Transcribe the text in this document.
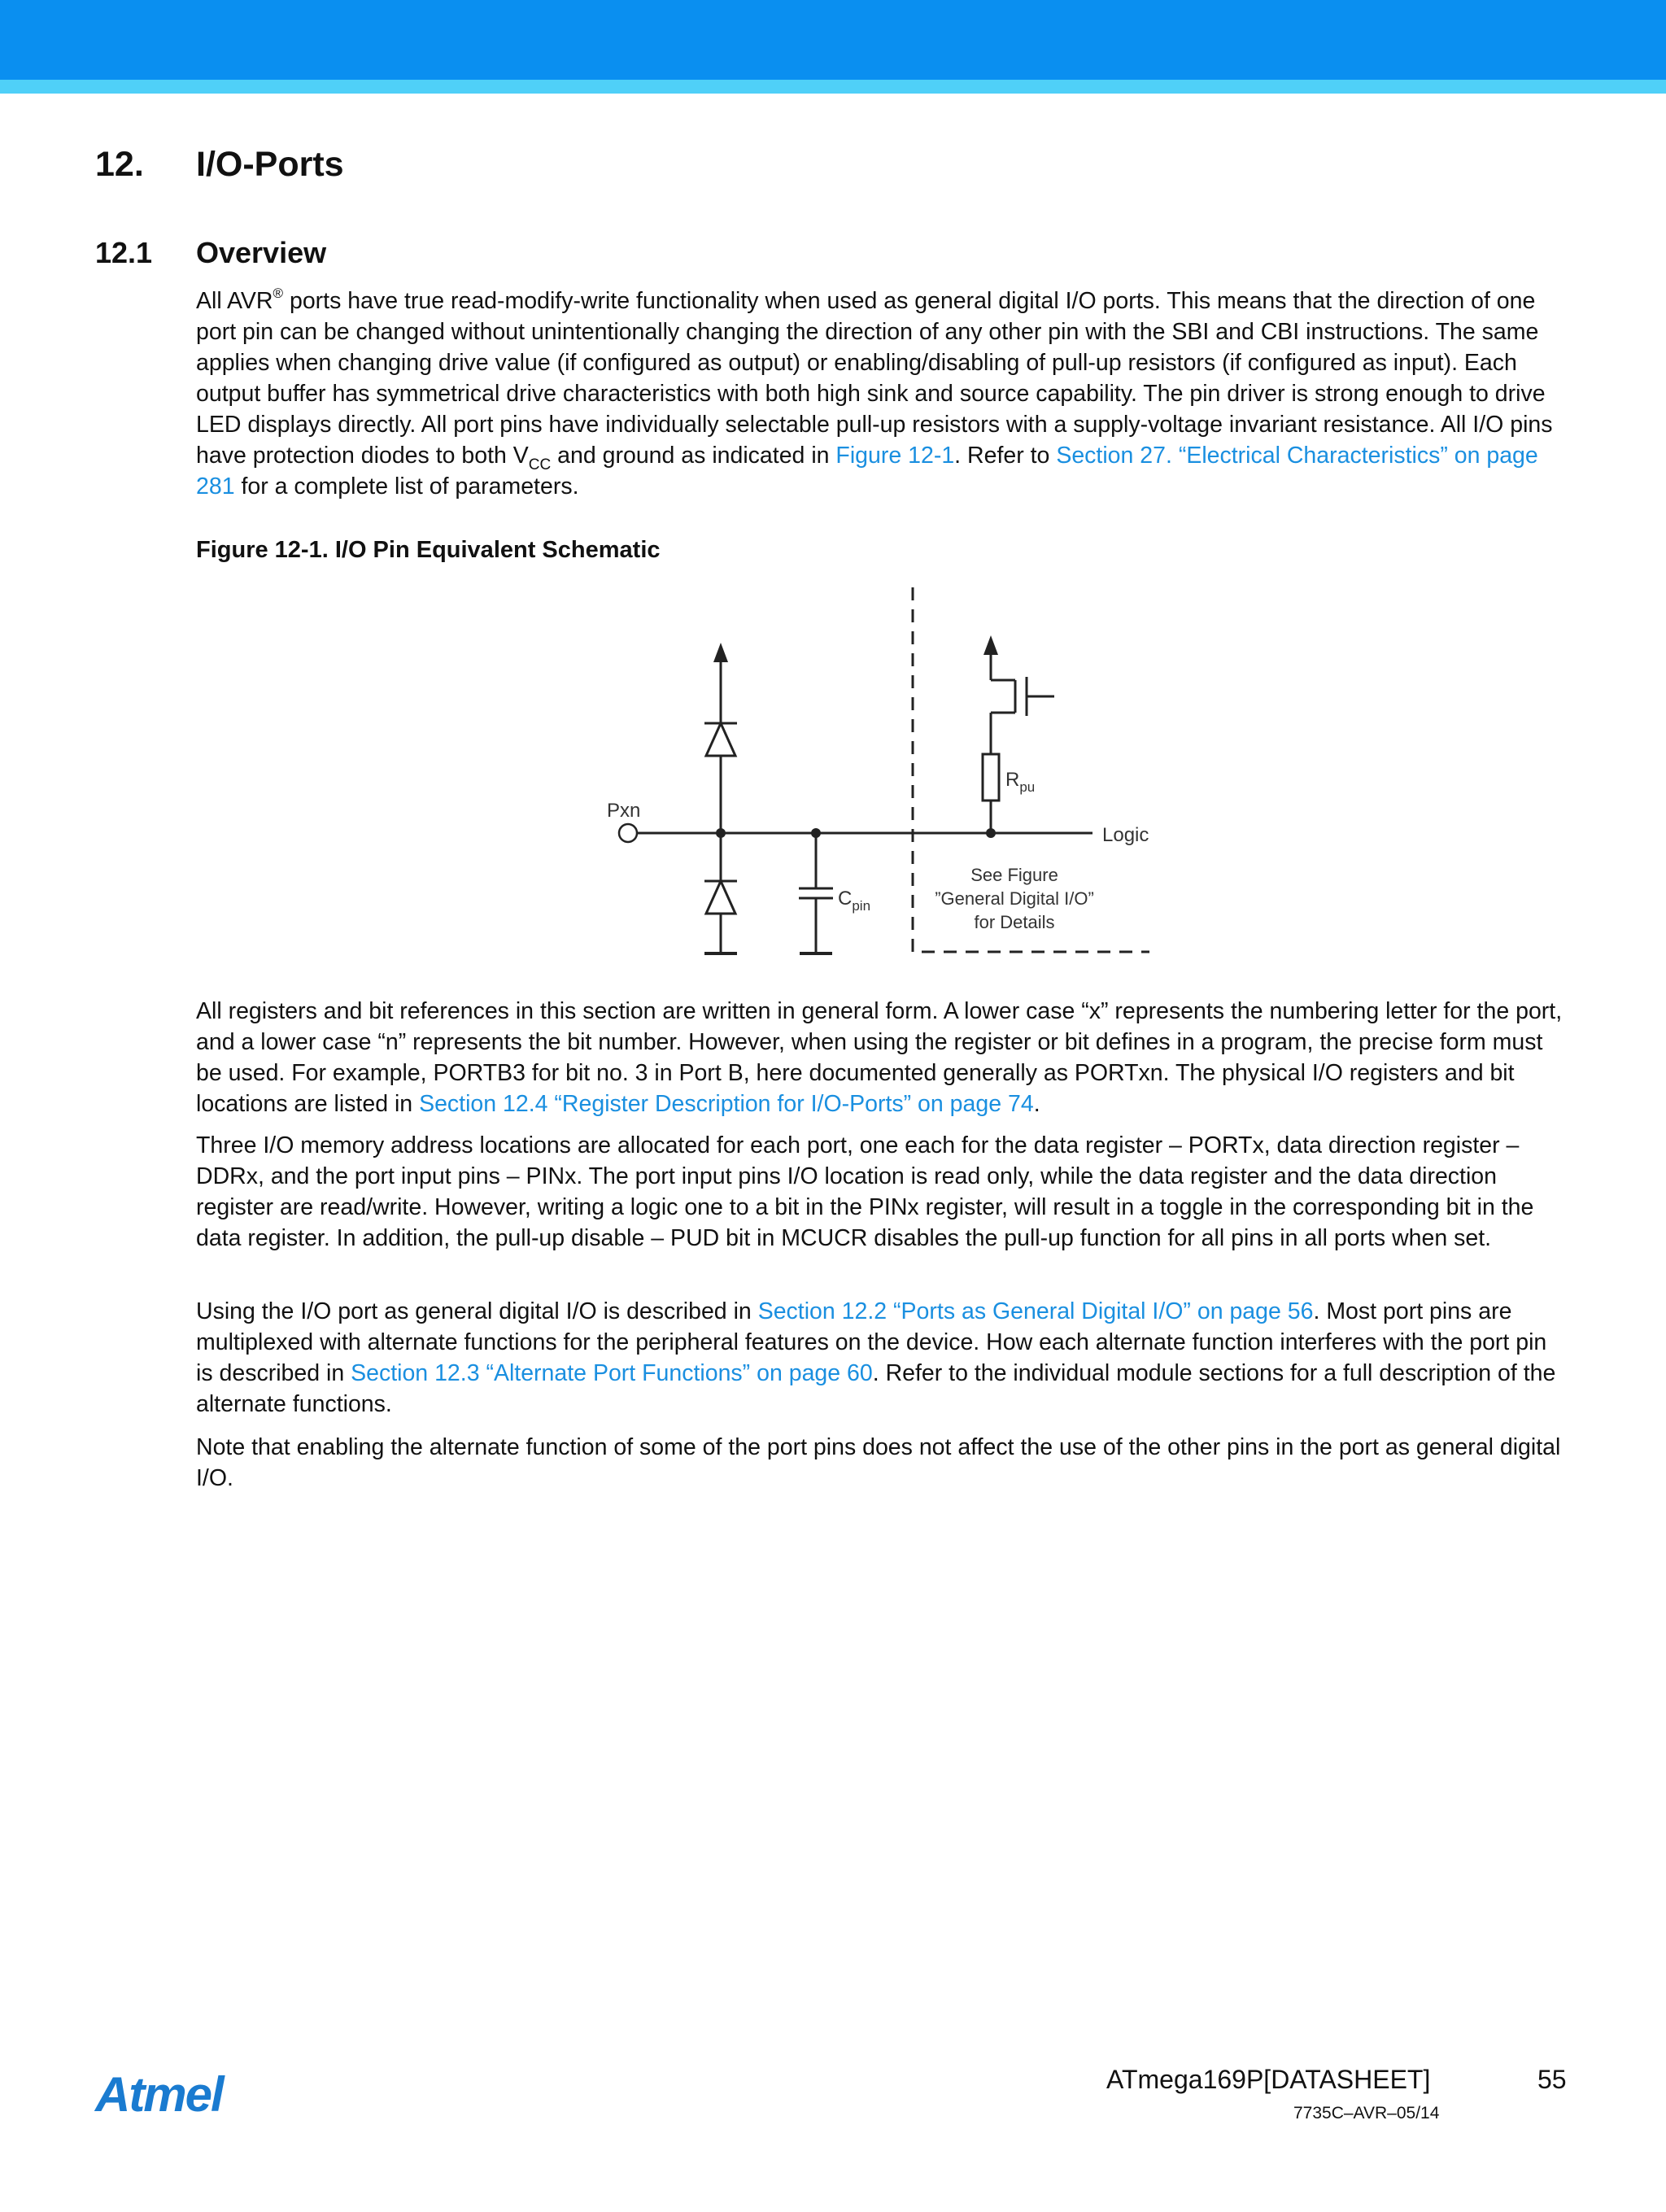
12. I/O-Ports
12.1 Overview

All AVR® ports have true read-modify-write functionality when used as general digital I/O ports. This means that the direction of one port pin can be changed without unintentionally changing the direction of any other pin with the SBI and CBI instructions. The same applies when changing drive value (if configured as output) or enabling/disabling of pull-up resistors (if configured as input). Each output buffer has symmetrical drive characteristics with both high sink and source capability. The pin driver is strong enough to drive LED displays directly. All port pins have individually selectable pull-up resistors with a supply-voltage invariant resistance. All I/O pins have protection diodes to both $V_{CC}$ and ground as indicated in Figure 12-1. Refer to Section 27. “Electrical Characteristics” on page 281 for a complete list of parameters.

Figure 12-1. I/O Pin Equivalent Schematic

Pxn
Logic
$R_{pu}$
$C_{pin}$
See Figure
”General Digital I/O”
for Details

All registers and bit references in this section are written in general form. A lower case “x” represents the numbering letter for the port, and a lower case “n” represents the bit number. However, when using the register or bit defines in a program, the precise form must be used. For example, PORTB3 for bit no. 3 in Port B, here documented generally as PORTxn. The physical I/O registers and bit locations are listed in Section 12.4 “Register Description for I/O-Ports” on page 74.

Three I/O memory address locations are allocated for each port, one each for the data register – PORTx, data direction register – DDRx, and the port input pins – PINx. The port input pins I/O location is read only, while the data register and the data direction register are read/write. However, writing a logic one to a bit in the PINx register, will result in a toggle in the corresponding bit in the data register. In addition, the pull-up disable – PUD bit in MCUCR disables the pull-up function for all pins in all ports when set.

Using the I/O port as general digital I/O is described in Section 12.2 “Ports as General Digital I/O” on page 56. Most port pins are multiplexed with alternate functions for the peripheral features on the device. How each alternate function interferes with the port pin is described in Section 12.3 “Alternate Port Functions” on page 60. Refer to the individual module sections for a full description of the alternate functions.

Note that enabling the alternate function of some of the port pins does not affect the use of the other pins in the port as general digital I/O.

Atmel	ATmega169P[DATASHEET]	55
7735C–AVR–05/14
